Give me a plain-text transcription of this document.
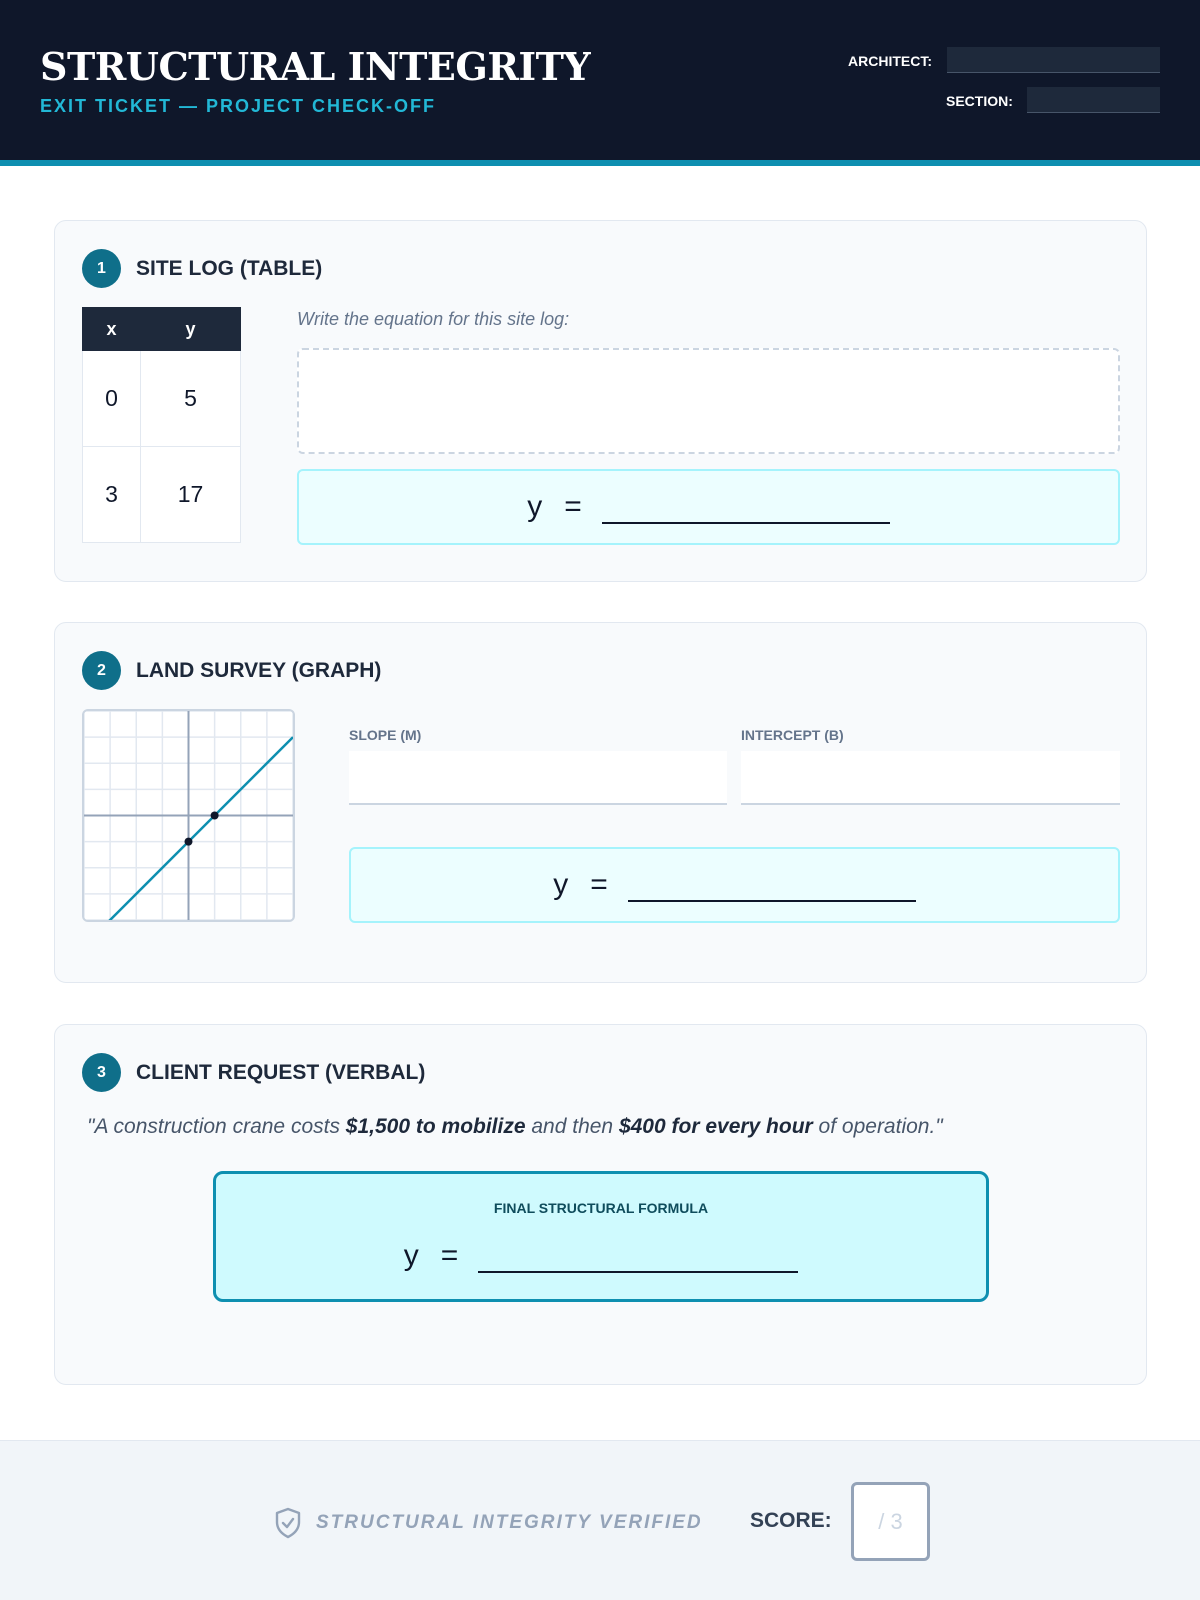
STRUCTURAL INTEGRITY
EXIT TICKET — PROJECT CHECK-OFF
ARCHITECT:
SECTION:
1	SITE LOG (TABLE)
x	y
0	5
3	17
Write the equation for this site log:
y =
2	LAND SURVEY (GRAPH)
SLOPE (M)	INTERCEPT (B)
y =
3	CLIENT REQUEST (VERBAL)
"A construction crane costs $1,500 to mobilize and then $400 for every hour of operation."
FINAL STRUCTURAL FORMULA
y =
STRUCTURAL INTEGRITY VERIFIED SCORE:	/ 3
